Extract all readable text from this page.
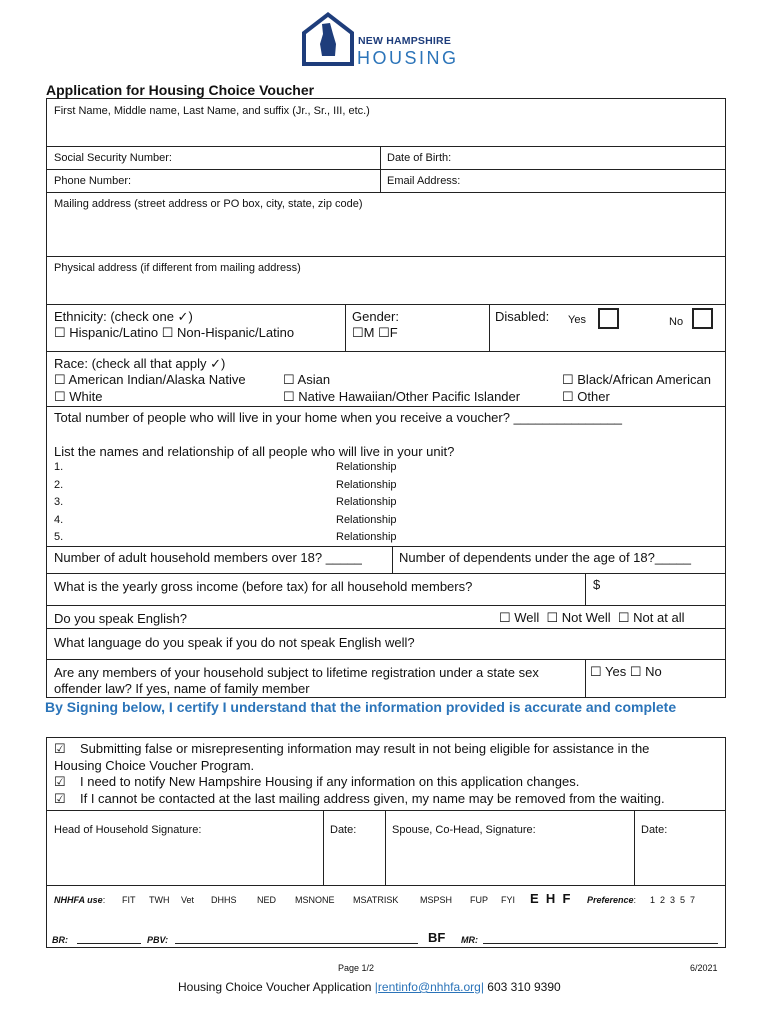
NEW HAMPSHIRE
HOUSING
Application for Housing Choice Voucher
First Name, Middle name, Last Name, and suffix (Jr., Sr., III, etc.)
Social Security Number:	Date of Birth:
Phone Number:	Email Address:
Mailing address (street address or PO box, city, state, zip code)
Physical address (if different from mailing address)
Ethnicity: (check one ✓)
☐ Hispanic/Latino ☐ Non-Hispanic/Latino
Gender:
☐M ☐F
Disabled: Yes	No
Race: (check all that apply ✓)
☐ American Indian/Alaska Native	☐ Asian	☐ Black/African American
☐ White	☐ Native Hawaiian/Other Pacific Islander	☐ Other
Total number of people who will live in your home when you receive a voucher? _______________
List the names and relationship of all people who will live in your unit?
1.	Relationship
2.	Relationship
3.	Relationship
4.	Relationship
5.	Relationship
Number of adult household members over 18? _____	Number of dependents under the age of 18?_____
What is the yearly gross income (before tax) for all household members?	$
Do you speak English?	☐ Well  ☐ Not Well  ☐ Not at all
What language do you speak if you do not speak English well?
Are any members of your household subject to lifetime registration under a state sex
offender law? If yes, name of family member
☐ Yes ☐ No
By Signing below, I certify I understand that the information provided is accurate and complete
☑ Submitting false or misrepresenting information may result in not being eligible for assistance in the
Housing Choice Voucher Program.
☑ I need to notify New Hampshire Housing if any information on this application changes.
☑ If I cannot be contacted at the last mailing address given, my name may be removed from the waiting.
Head of Household Signature:	Date:	Spouse, Co-Head, Signature:	Date:
NHHFA use: FIT TWH Vet DHHS NED MSNONE MSATRISK MSPSH FUP FYI E  H  F Preference: 1  2  3  5  7
BR:	PBV:	BF MR:
Page 1/2	6/2021
Housing Choice Voucher Application |rentinfo@nhhfa.org| 603 310 9390
